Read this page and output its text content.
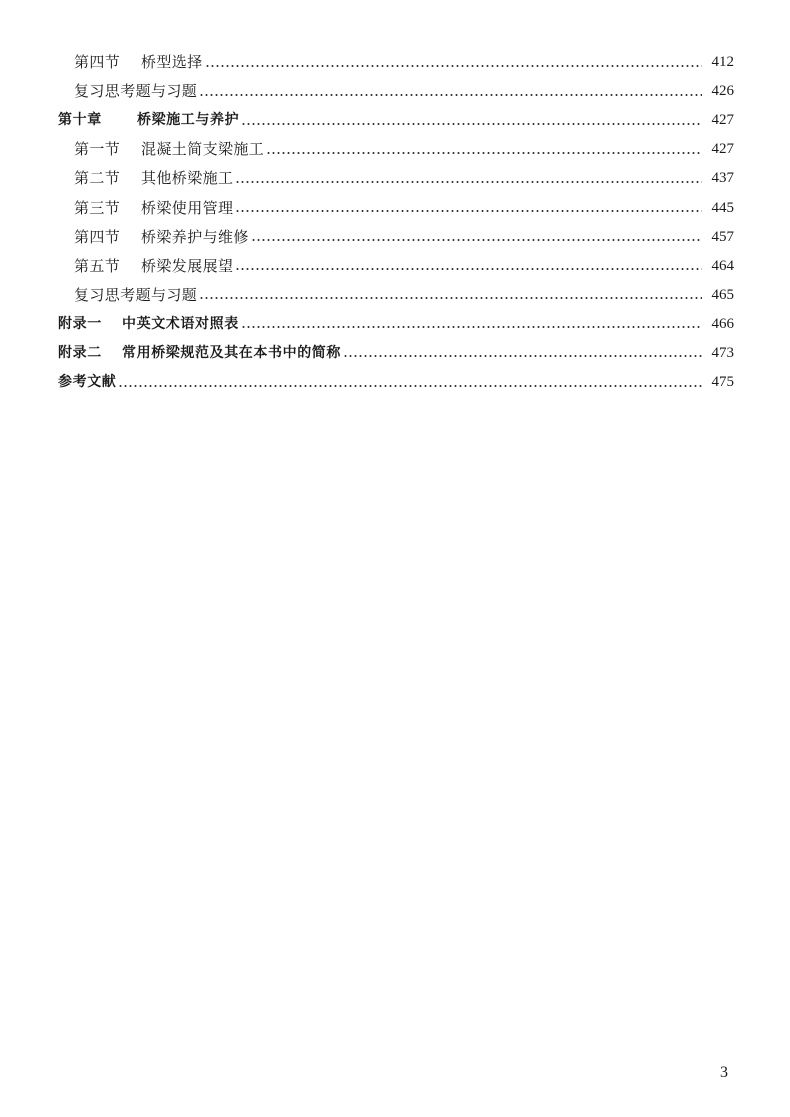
第四节	桥型选择	412
复习思考题与习题	426
第十章	桥梁施工与养护	427
第一节	混凝土简支梁施工	427
第二节	其他桥梁施工	437
第三节	桥梁使用管理	445
第四节	桥梁养护与维修	457
第五节	桥梁发展展望	464
复习思考题与习题	465
附录一	中英文术语对照表	466
附录二	常用桥梁规范及其在本书中的简称	473
参考文献	475
3
